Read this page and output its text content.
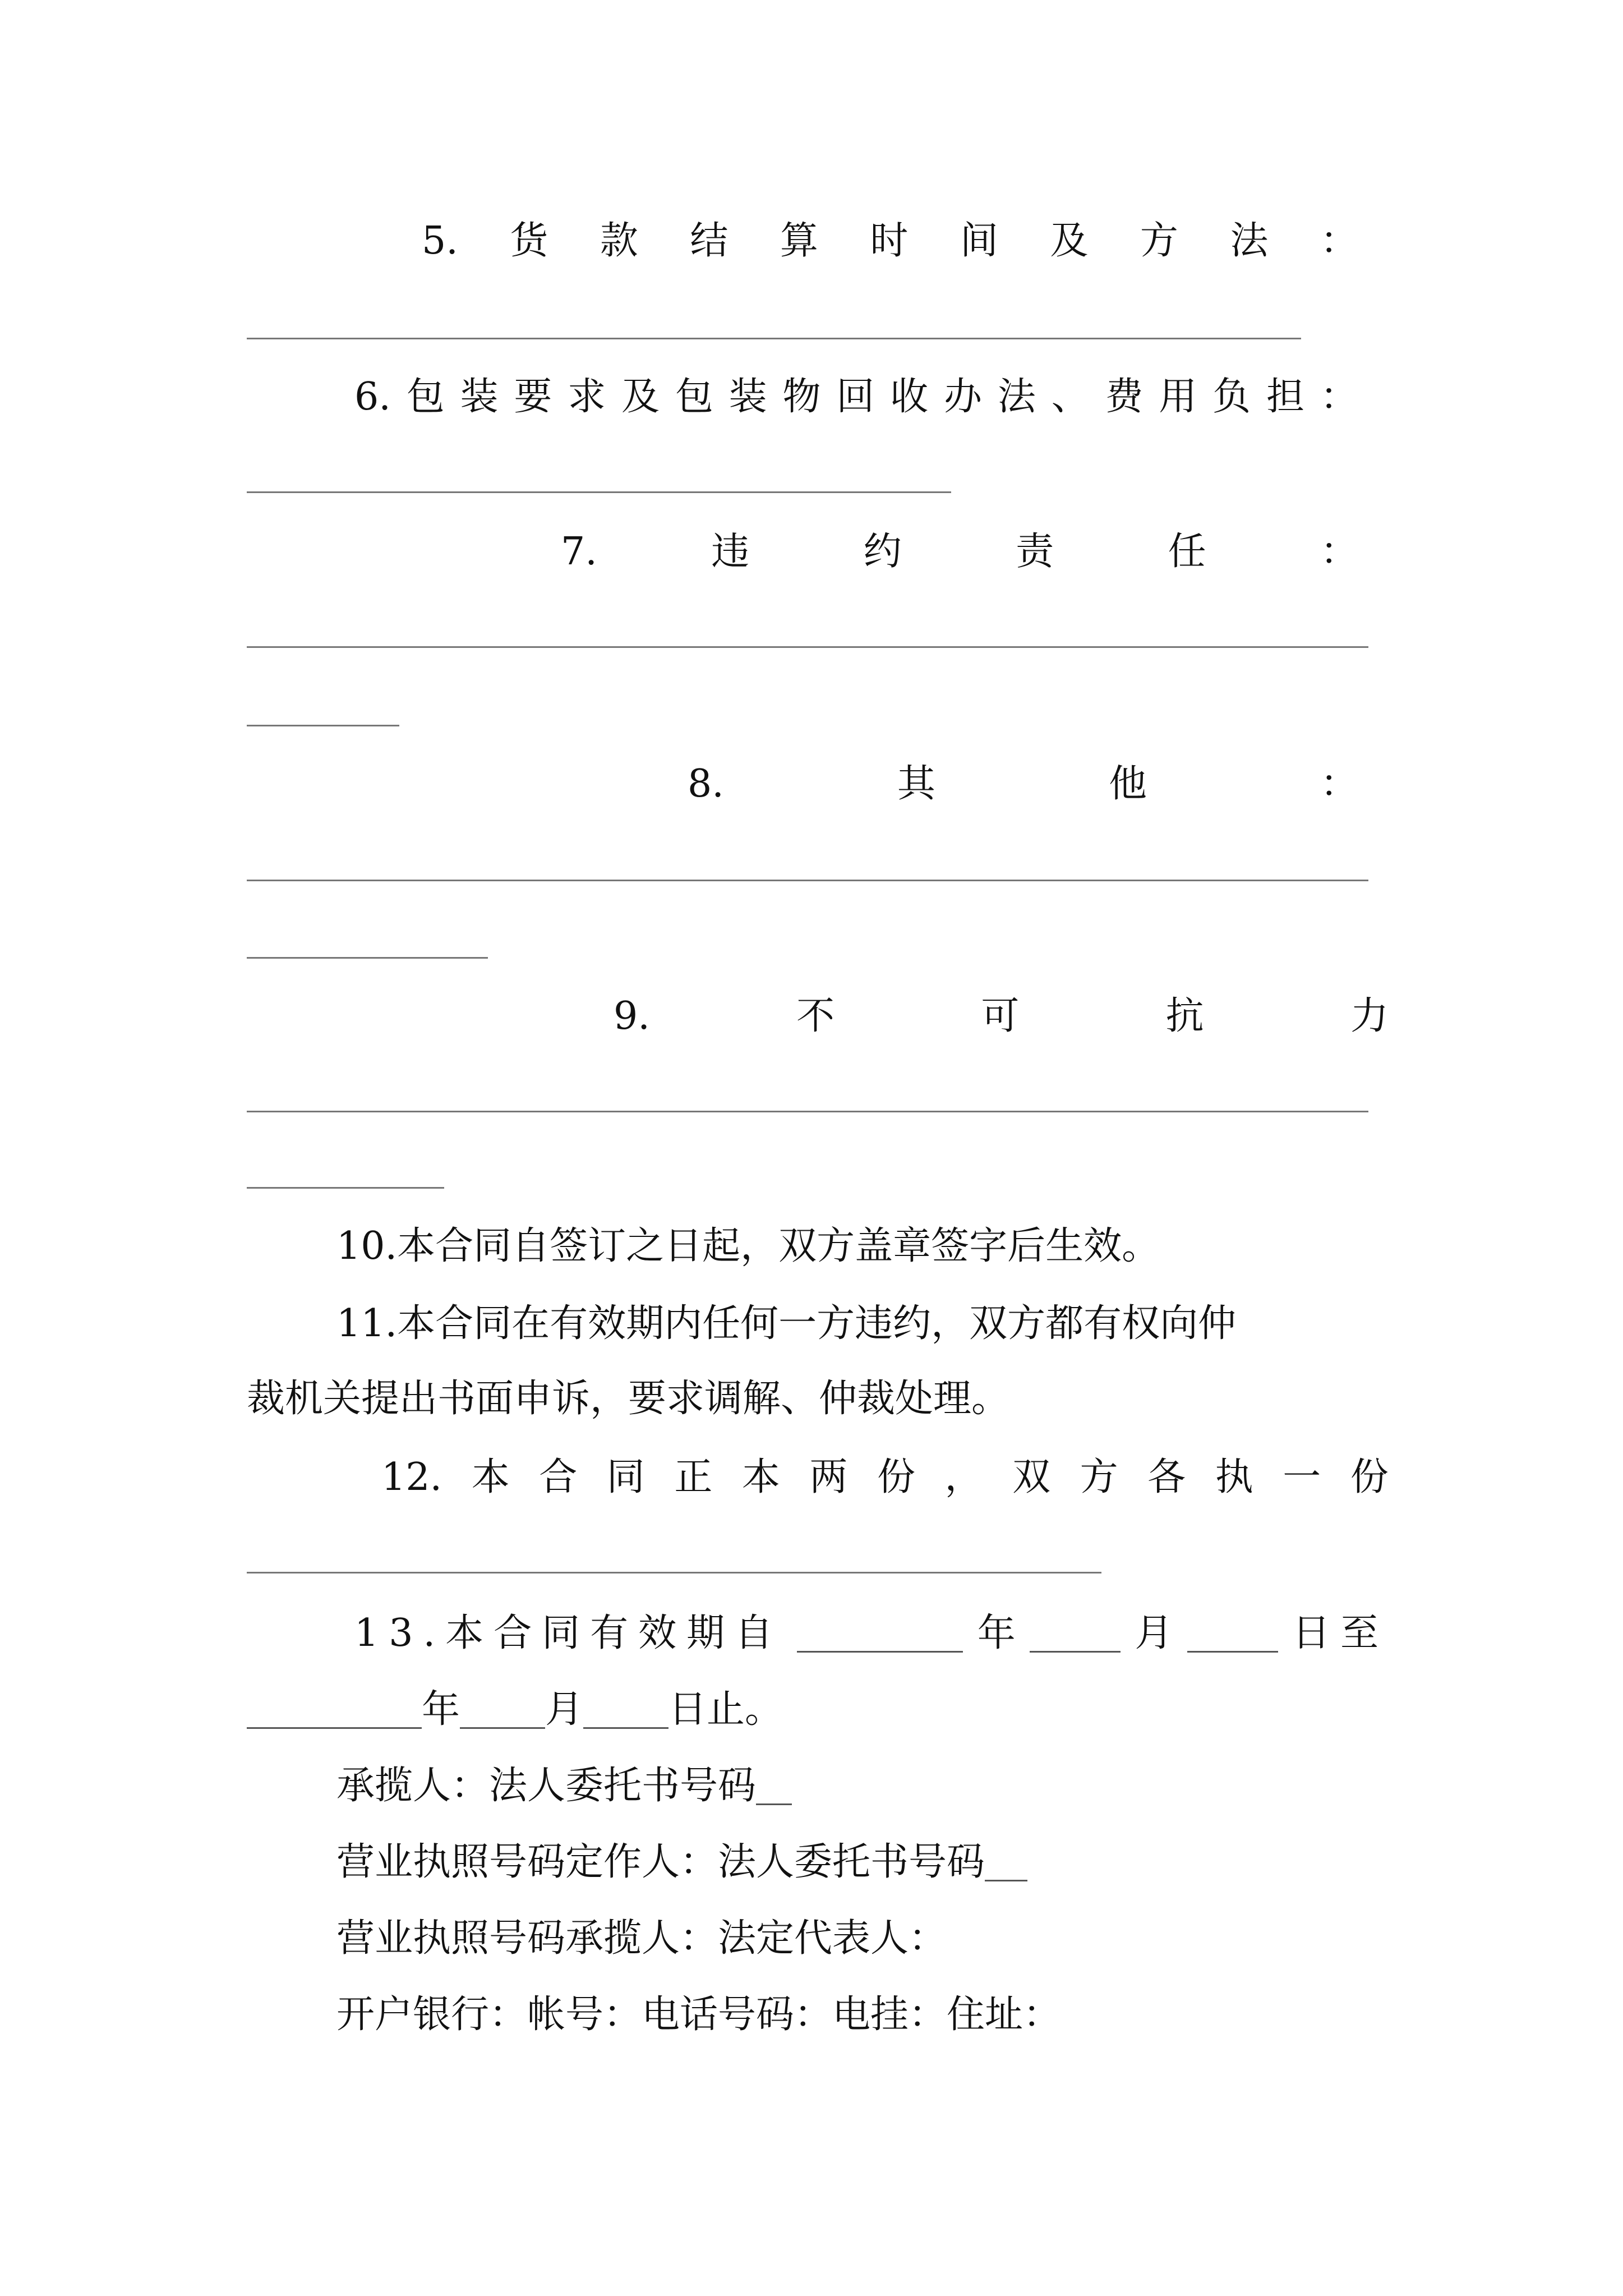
5. 货 款 结 算 时 间 及 方 法 ：
6. 包 装 要 求 及 包 装 物 回 收 办 法 、 费 用 负 担 ：
7.	违	约	责	任	：
8.	其	他	：
9.	不	可	抗	力
10.本合同自签订之日起，双方盖章签字后生效。
11.本合同在有效期内任何一方违约，双方都有权向仲
裁机关提出书面申诉，要求调解、仲裁处理。
12. 本 合 同 正 本 两 份 ， 双 方 各 执 一 份
13.本合同有效期自	年	月	日至
年 月 日止。
承揽人：法人委托书号码
营业执照号码定作人：法人委托书号码
营业执照号码承揽人：法定代表人：
开户银行：帐号：电话号码：电挂：住址：
